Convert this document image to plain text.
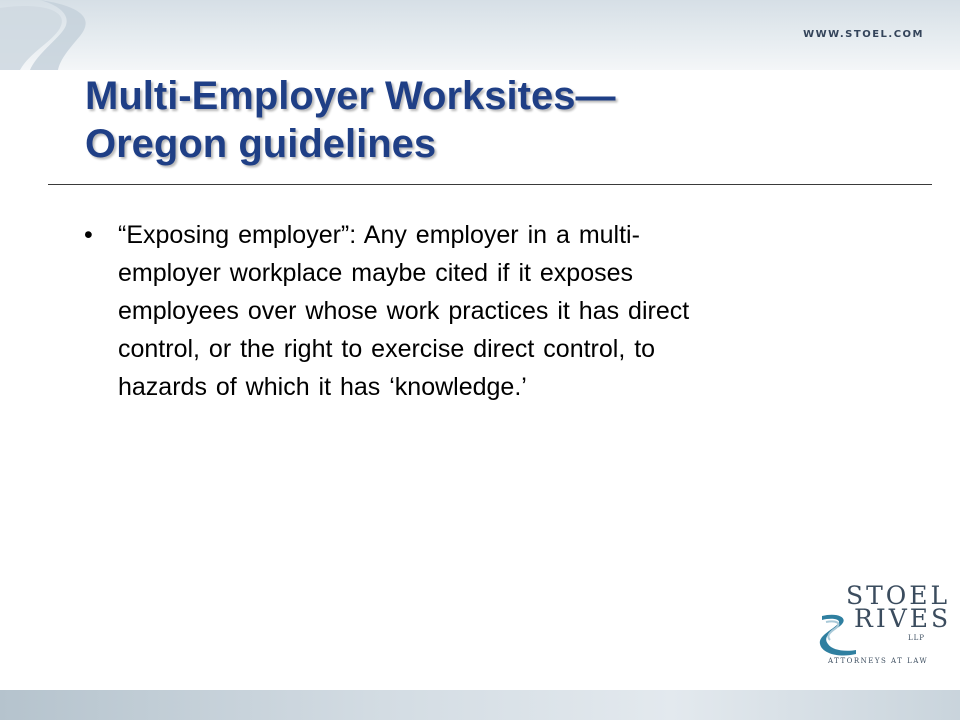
WWW.STOEL.COM
Multi-Employer Worksites—
Oregon guidelines
•	“Exposing employer”: Any employer in a multi-
employer workplace maybe cited if it exposes
employees over whose work practices it has direct
control, or the right to exercise direct control, to
hazards of which it has ‘knowledge.’
STOEL
RIVES
LLP
ATTORNEYS AT LAW
